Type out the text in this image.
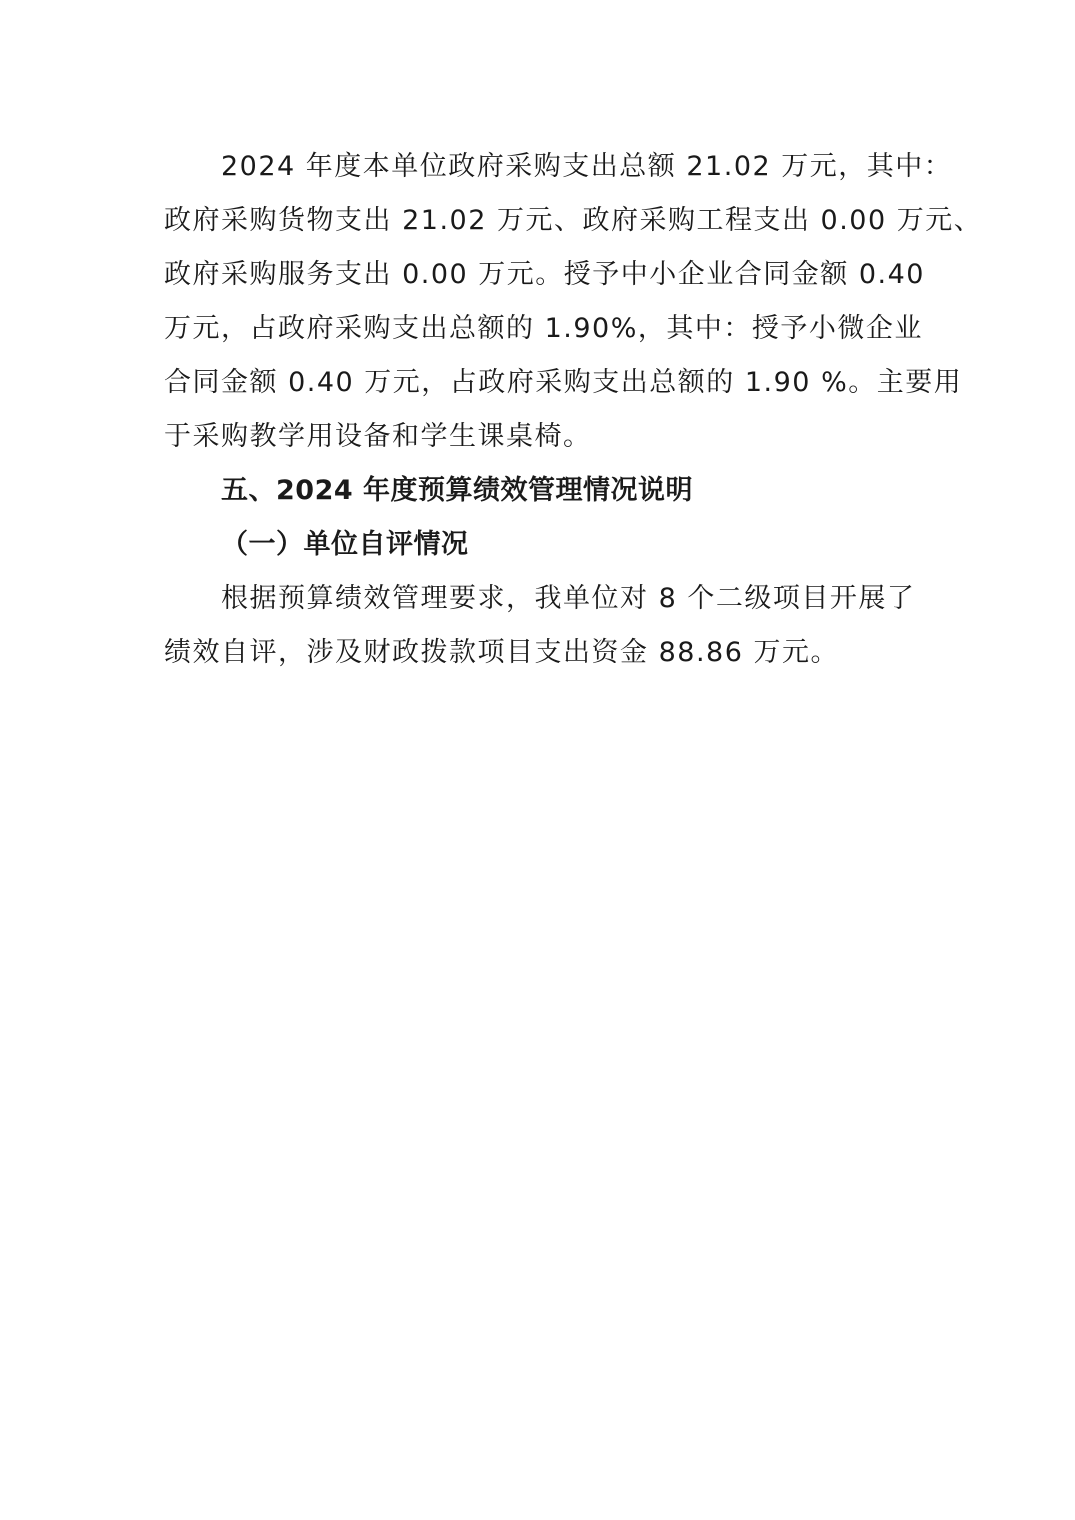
2024 年度本单位政府采购支出总额 21.02 万元，其中：
政府采购货物支出 21.02 万元、政府采购工程支出 0.00 万元、
政府采购服务支出 0.00 万元。授予中小企业合同金额 0.40
万元，占政府采购支出总额的 1.90%，其中：授予小微企业
合同金额 0.40 万元，占政府采购支出总额的 1.90 %。主要用
于采购教学用设备和学生课桌椅。
五、2024 年度预算绩效管理情况说明
（一）单位自评情况
根据预算绩效管理要求，我单位对 8 个二级项目开展了
绩效自评，涉及财政拨款项目支出资金 88.86 万元。
